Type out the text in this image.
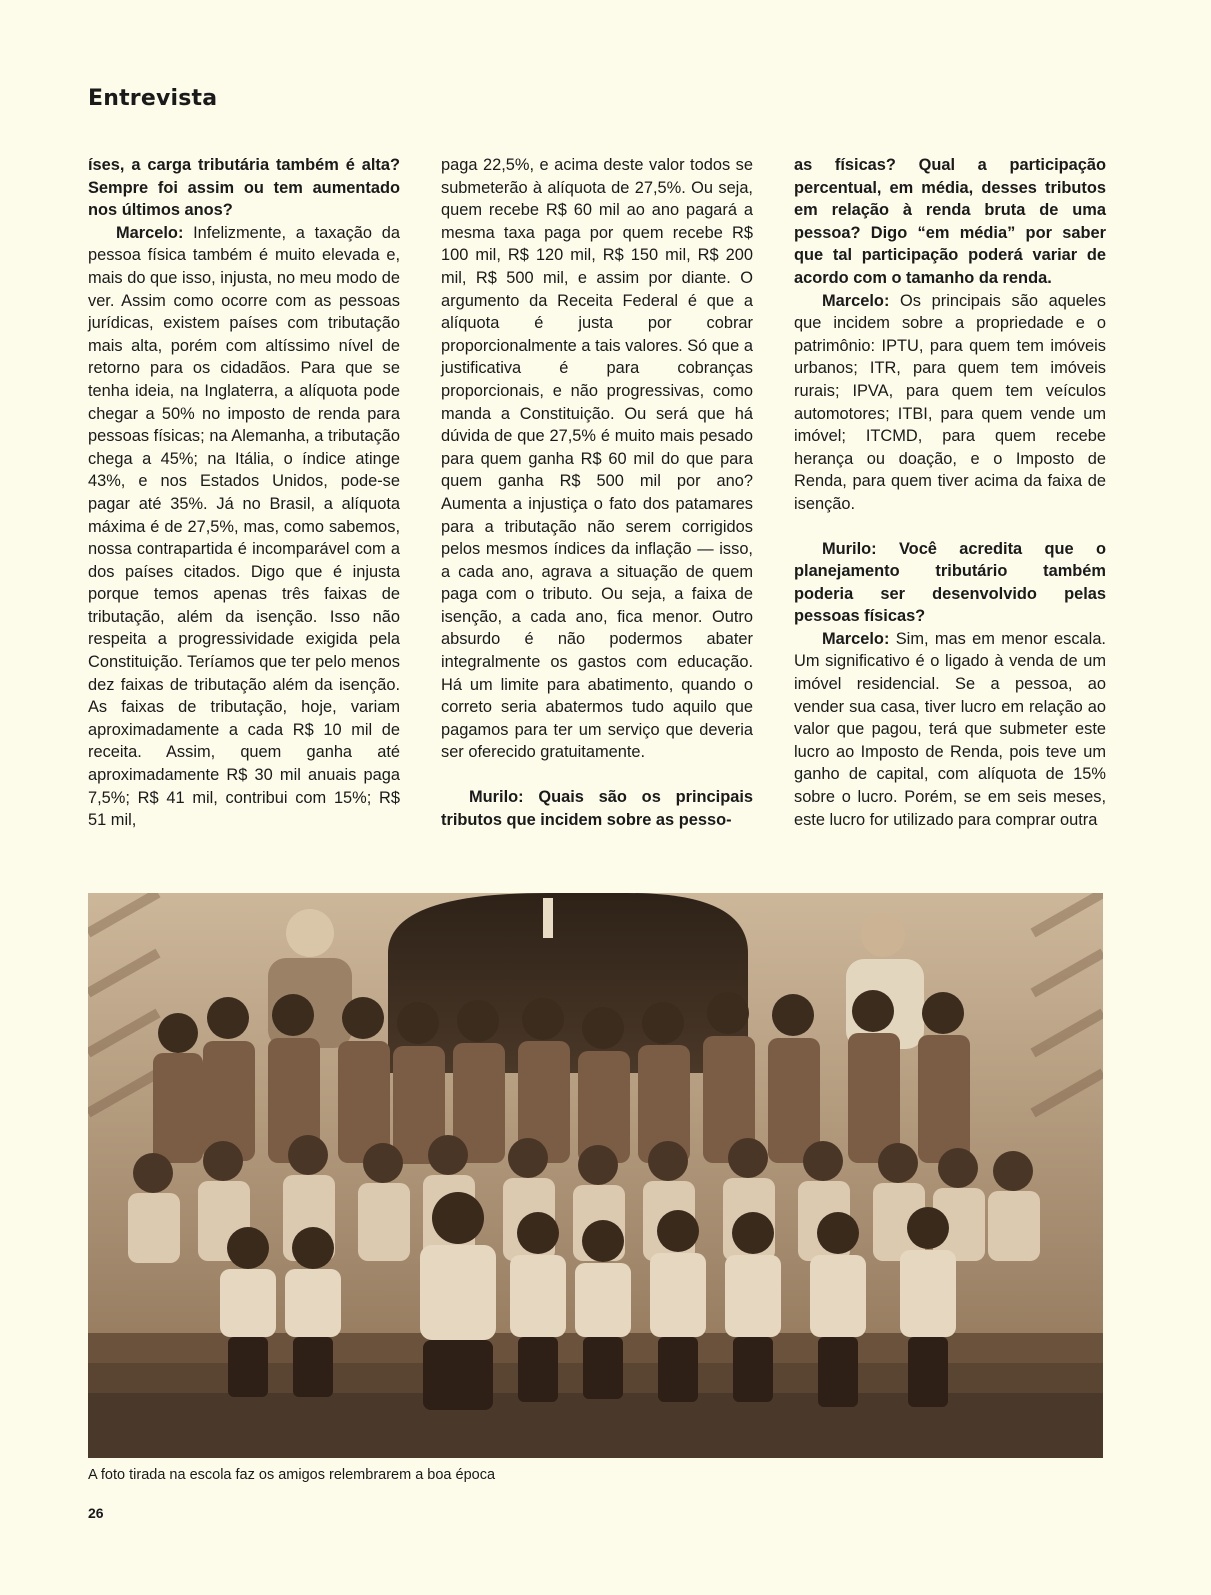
Entrevista

íses, a carga tributária também é alta? Sempre foi assim ou tem aumentado nos últimos anos?

Marcelo: Infelizmente, a taxação da pessoa física também é muito elevada e, mais do que isso, injusta, no meu modo de ver. Assim como ocorre com as pessoas jurídicas, existem países com tributação mais alta, porém com altíssimo nível de retorno para os cidadãos. Para que se tenha ideia, na Inglaterra, a alíquota pode chegar a 50% no imposto de renda para pessoas físicas; na Alemanha, a tributação chega a 45%; na Itália, o índice atinge 43%, e nos Estados Unidos, pode-se pagar até 35%. Já no Brasil, a alíquota máxima é de 27,5%, mas, como sabemos, nossa contrapartida é incomparável com a dos países citados. Digo que é injusta porque temos apenas três faixas de tributação, além da isenção. Isso não respeita a progressividade exigida pela Constituição. Teríamos que ter pelo menos dez faixas de tributação além da isenção. As faixas de tributação, hoje, variam aproximadamente a cada R$ 10 mil de receita. Assim, quem ganha até aproximadamente R$ 30 mil anuais paga 7,5%; R$ 41 mil, contribui com 15%; R$ 51 mil,

paga 22,5%, e acima deste valor todos se submeterão à alíquota de 27,5%. Ou seja, quem recebe R$ 60 mil ao ano pagará a mesma taxa paga por quem recebe R$ 100 mil, R$ 120 mil, R$ 150 mil, R$ 200 mil, R$ 500 mil, e assim por diante. O argumento da Receita Federal é que a alíquota é justa por cobrar proporcionalmente a tais valores. Só que a justificativa é para cobranças proporcionais, e não progressivas, como manda a Constituição. Ou será que há dúvida de que 27,5% é muito mais pesado para quem ganha R$ 60 mil do que para quem ganha R$ 500 mil por ano? Aumenta a injustiça o fato dos patamares para a tributação não serem corrigidos pelos mesmos índices da inflação — isso, a cada ano, agrava a situação de quem paga com o tributo. Ou seja, a faixa de isenção, a cada ano, fica menor. Outro absurdo é não podermos abater integralmente os gastos com educação. Há um limite para abatimento, quando o correto seria abatermos tudo aquilo que pagamos para ter um serviço que deveria ser oferecido gratuitamente.

Murilo: Quais são os principais tributos que incidem sobre as pesso-

as físicas? Qual a participação percentual, em média, desses tributos em relação à renda bruta de uma pessoa? Digo “em média” por saber que tal participação poderá variar de acordo com o tamanho da renda.

Marcelo: Os principais são aqueles que incidem sobre a propriedade e o patrimônio: IPTU, para quem tem imóveis urbanos; ITR, para quem tem imóveis rurais; IPVA, para quem tem veículos automotores; ITBI, para quem vende um imóvel; ITCMD, para quem recebe herança ou doação, e o Imposto de Renda, para quem tiver acima da faixa de isenção.

Murilo: Você acredita que o planejamento tributário também poderia ser desenvolvido pelas pessoas físicas?

Marcelo: Sim, mas em menor escala. Um significativo é o ligado à venda de um imóvel residencial. Se a pessoa, ao vender sua casa, tiver lucro em relação ao valor que pagou, terá que submeter este lucro ao Imposto de Renda, pois teve um ganho de capital, com alíquota de 15% sobre o lucro. Porém, se em seis meses, este lucro for utilizado para comprar outra

A foto tirada na escola faz os amigos relembrarem a boa época

26
